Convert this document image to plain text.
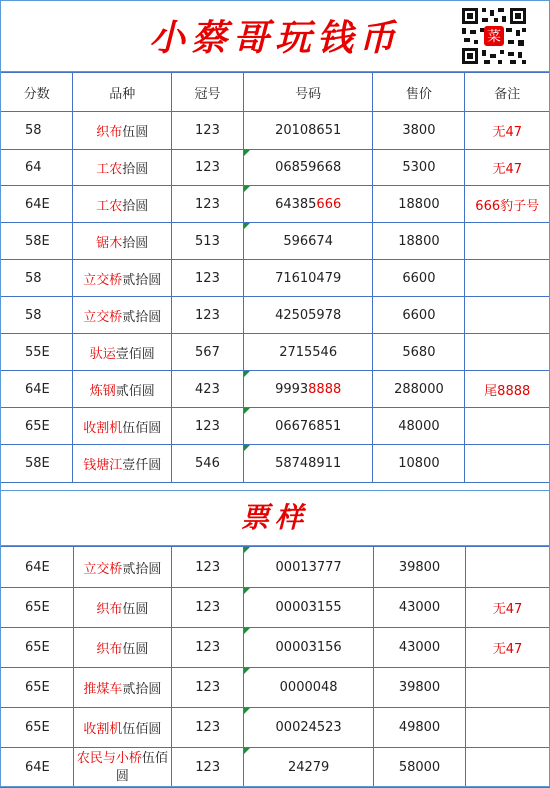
小蔡哥玩钱币	菜
分数	品种	冠号	号码	售价	备注
58	织布伍圆	123	20108651	3800	无47
64	工农拾圆	123	06859668	5300	无47
64E	工农拾圆	123	64385666	18800	666豹子号
58E	锯木拾圆	513	596674	18800	
58	立交桥贰拾圆	123	71610479	6600	
58	立交桥贰拾圆	123	42505978	6600	
55E	驮运壹佰圆	567	2715546	5680	
64E	炼钢贰佰圆	423	99938888	288000	尾8888
65E	收割机伍佰圆	123	06676851	48000	
58E	钱塘江壹仟圆	546	58748911	10800	
票样
64E	立交桥贰拾圆	123	00013777	39800	
65E	织布伍圆	123	00003155	43000	无47
65E	织布伍圆	123	00003156	43000	无47
65E	推煤车贰拾圆	123	0000048	39800	
65E	收割机伍佰圆	123	00024523	49800	
64E	农民与小桥伍佰圆	123	24279	58000	
